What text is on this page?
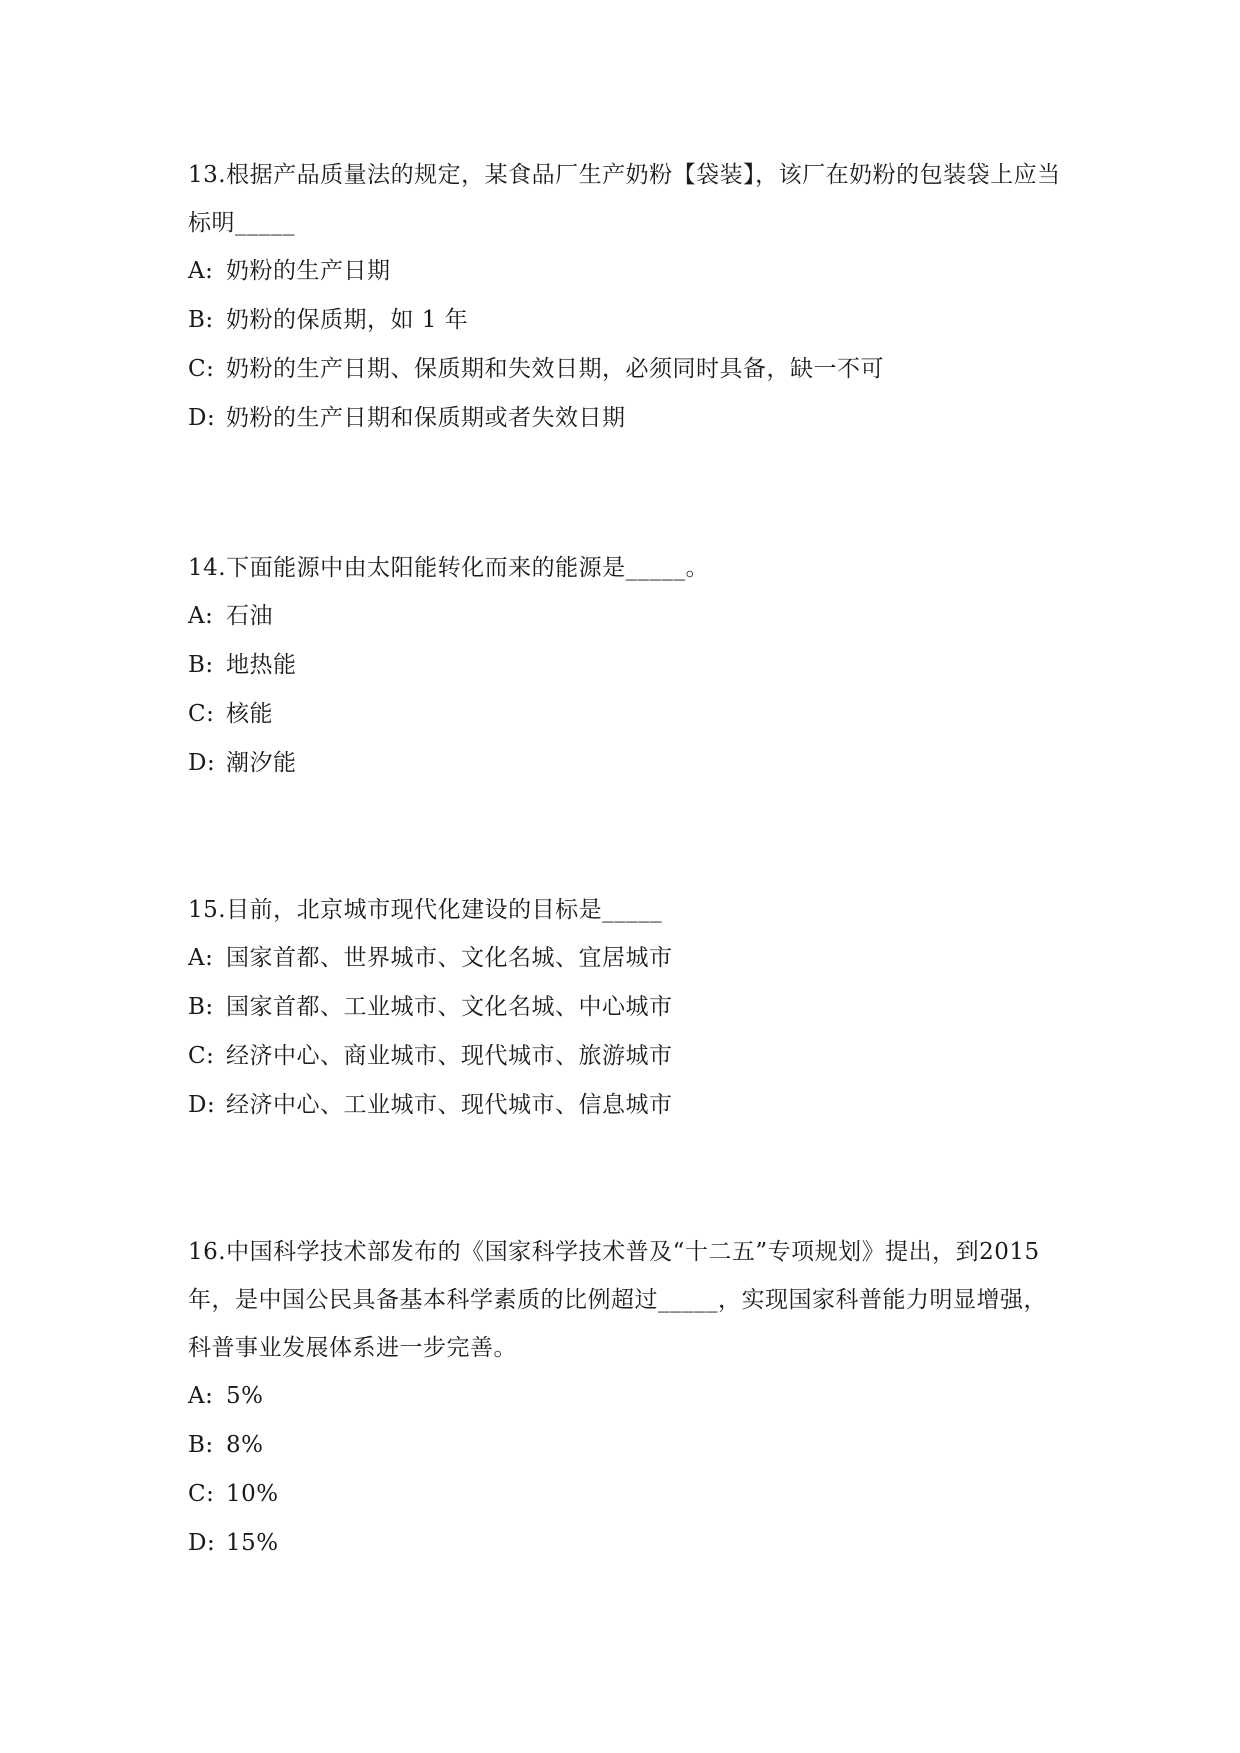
13.根据产品质量法的规定，某食品厂生产奶粉【袋装】，该厂在奶粉的包装袋上应当标明_____

A: 奶粉的生产日期

B: 奶粉的保质期，如 1 年

C: 奶粉的生产日期、保质期和失效日期，必须同时具备，缺一不可

D: 奶粉的生产日期和保质期或者失效日期

14.下面能源中由太阳能转化而来的能源是_____。

A: 石油

B: 地热能

C: 核能

D: 潮汐能

15.目前，北京城市现代化建设的目标是_____

A: 国家首都、世界城市、文化名城、宜居城市

B: 国家首都、工业城市、文化名城、中心城市

C: 经济中心、商业城市、现代城市、旅游城市

D: 经济中心、工业城市、现代城市、信息城市

16.中国科学技术部发布的《国家科学技术普及“十二五”专项规划》提出，到2015 年，是中国公民具备基本科学素质的比例超过_____，实现国家科普能力明显增强，科普事业发展体系进一步完善。

A: 5%

B: 8%

C: 10%

D: 15%
